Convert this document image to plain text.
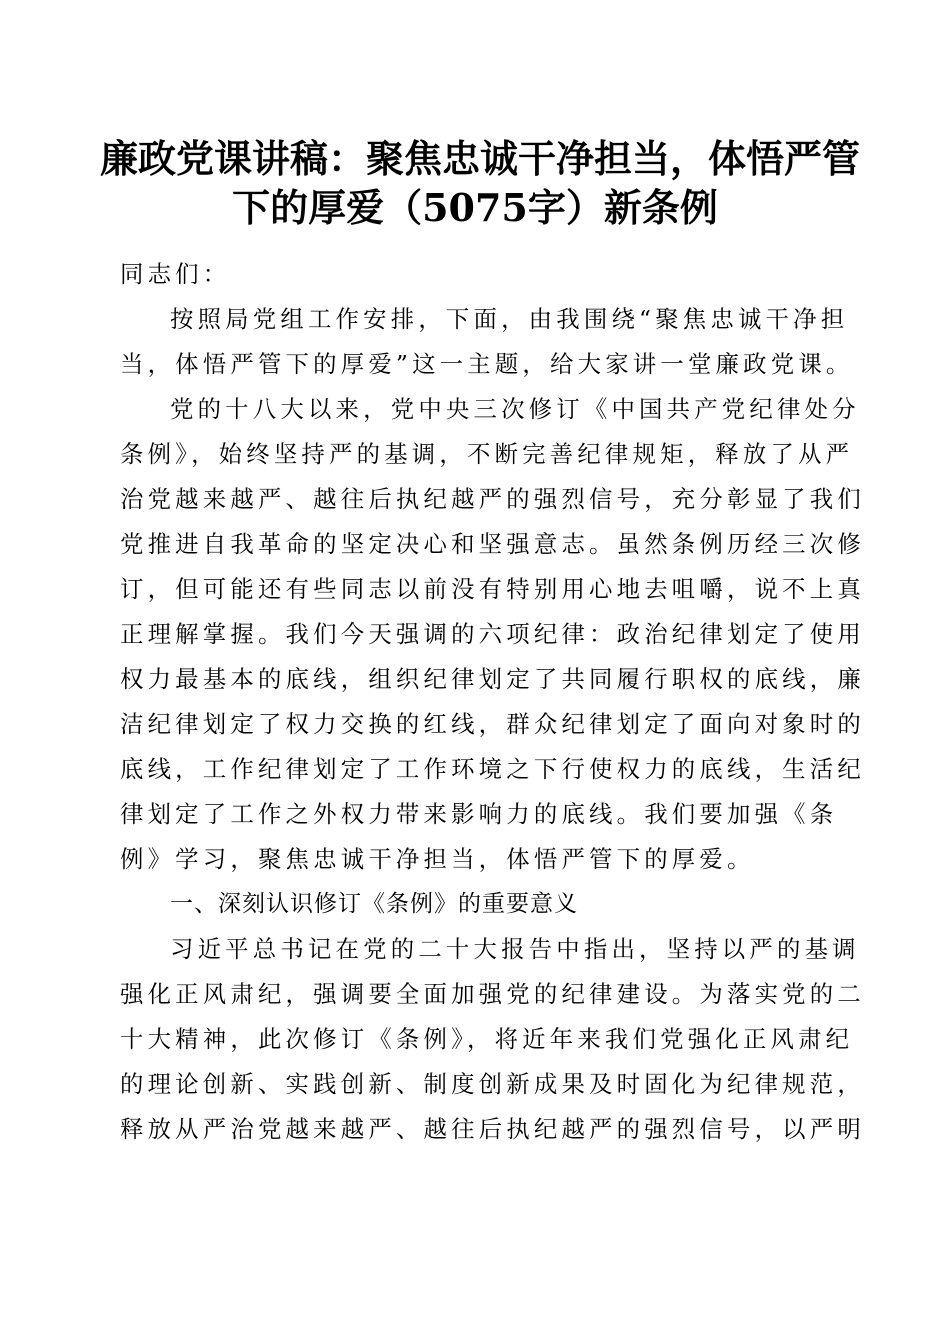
廉政党课讲稿：聚焦忠诚干净担当，体悟严管
下的厚爱（5075字）新条例

同志们：

按照局党组工作安排，下面，由我围绕“聚焦忠诚干净担
当，体悟严管下的厚爱”这一主题，给大家讲一堂廉政党课。

党的十八大以来，党中央三次修订《中国共产党纪律处分
条例》，始终坚持严的基调，不断完善纪律规矩，释放了从严
治党越来越严、越往后执纪越严的强烈信号，充分彰显了我们
党推进自我革命的坚定决心和坚强意志。虽然条例历经三次修
订，但可能还有些同志以前没有特别用心地去咀嚼，说不上真
正理解掌握。我们今天强调的六项纪律：政治纪律划定了使用
权力最基本的底线，组织纪律划定了共同履行职权的底线，廉
洁纪律划定了权力交换的红线，群众纪律划定了面向对象时的
底线，工作纪律划定了工作环境之下行使权力的底线，生活纪
律划定了工作之外权力带来影响力的底线。我们要加强《条
例》学习，聚焦忠诚干净担当，体悟严管下的厚爱。

一、深刻认识修订《条例》的重要意义

习近平总书记在党的二十大报告中指出，坚持以严的基调
强化正风肃纪，强调要全面加强党的纪律建设。为落实党的二
十大精神，此次修订《条例》，将近年来我们党强化正风肃纪
的理论创新、实践创新、制度创新成果及时固化为纪律规范，
释放从严治党越来越严、越往后执纪越严的强烈信号，以严明
